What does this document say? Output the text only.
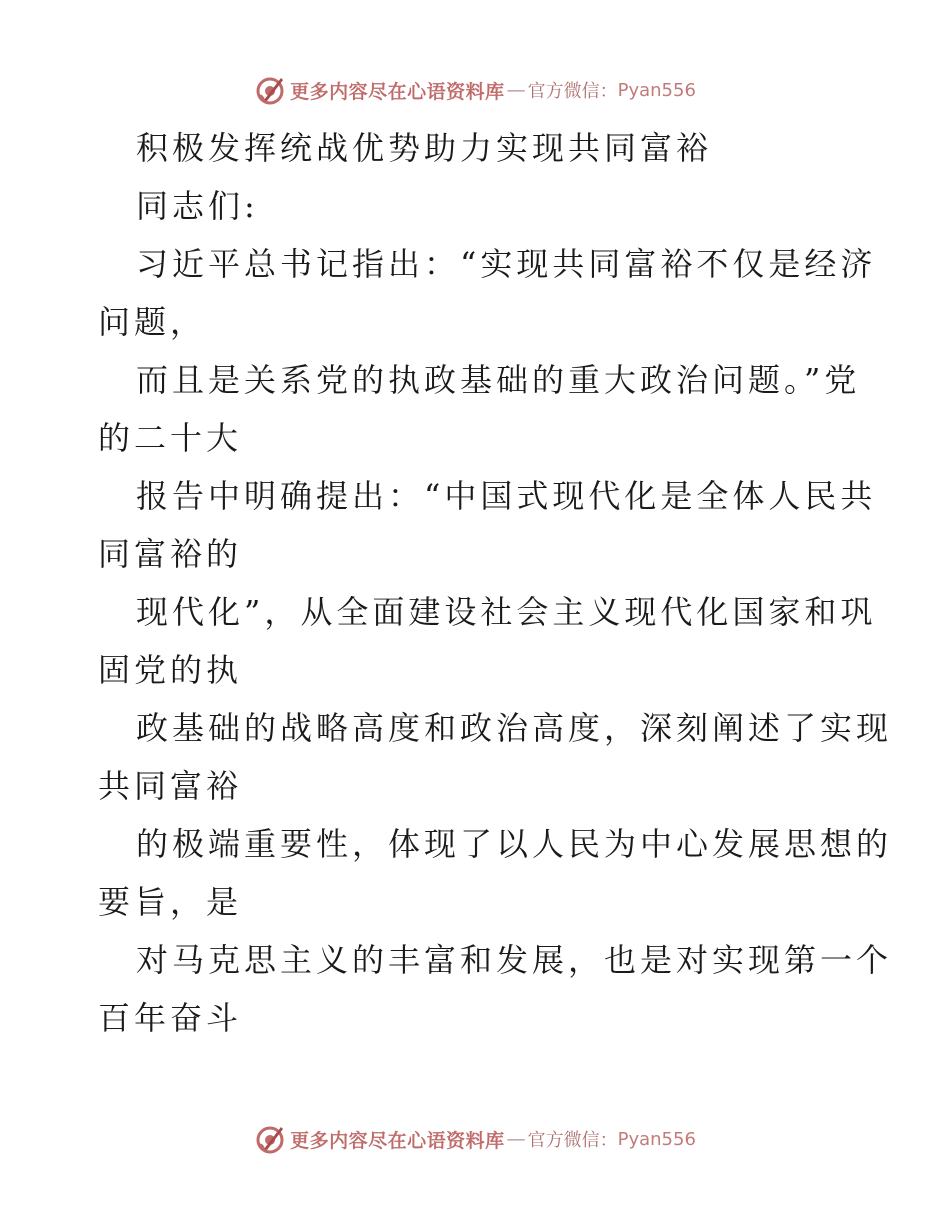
更多内容尽在心语资料库 — 官方微信： Pyan556
积极发挥统战优势助力实现共同富裕
同志们:
习近平总书记指出：“实现共同富裕不仅是经济
问题，
而且是关系党的执政基础的重大政治问题。”党
的二十大
报告中明确提出：“中国式现代化是全体人民共
同富裕的
现代化”，从全面建设社会主义现代化国家和巩
固党的执
政基础的战略高度和政治高度，深刻阐述了实现
共同富裕
的极端重要性，体现了以人民为中心发展思想的
要旨，是
对马克思主义的丰富和发展，也是对实现第一个
百年奋斗
更多内容尽在心语资料库 — 官方微信： Pyan556
